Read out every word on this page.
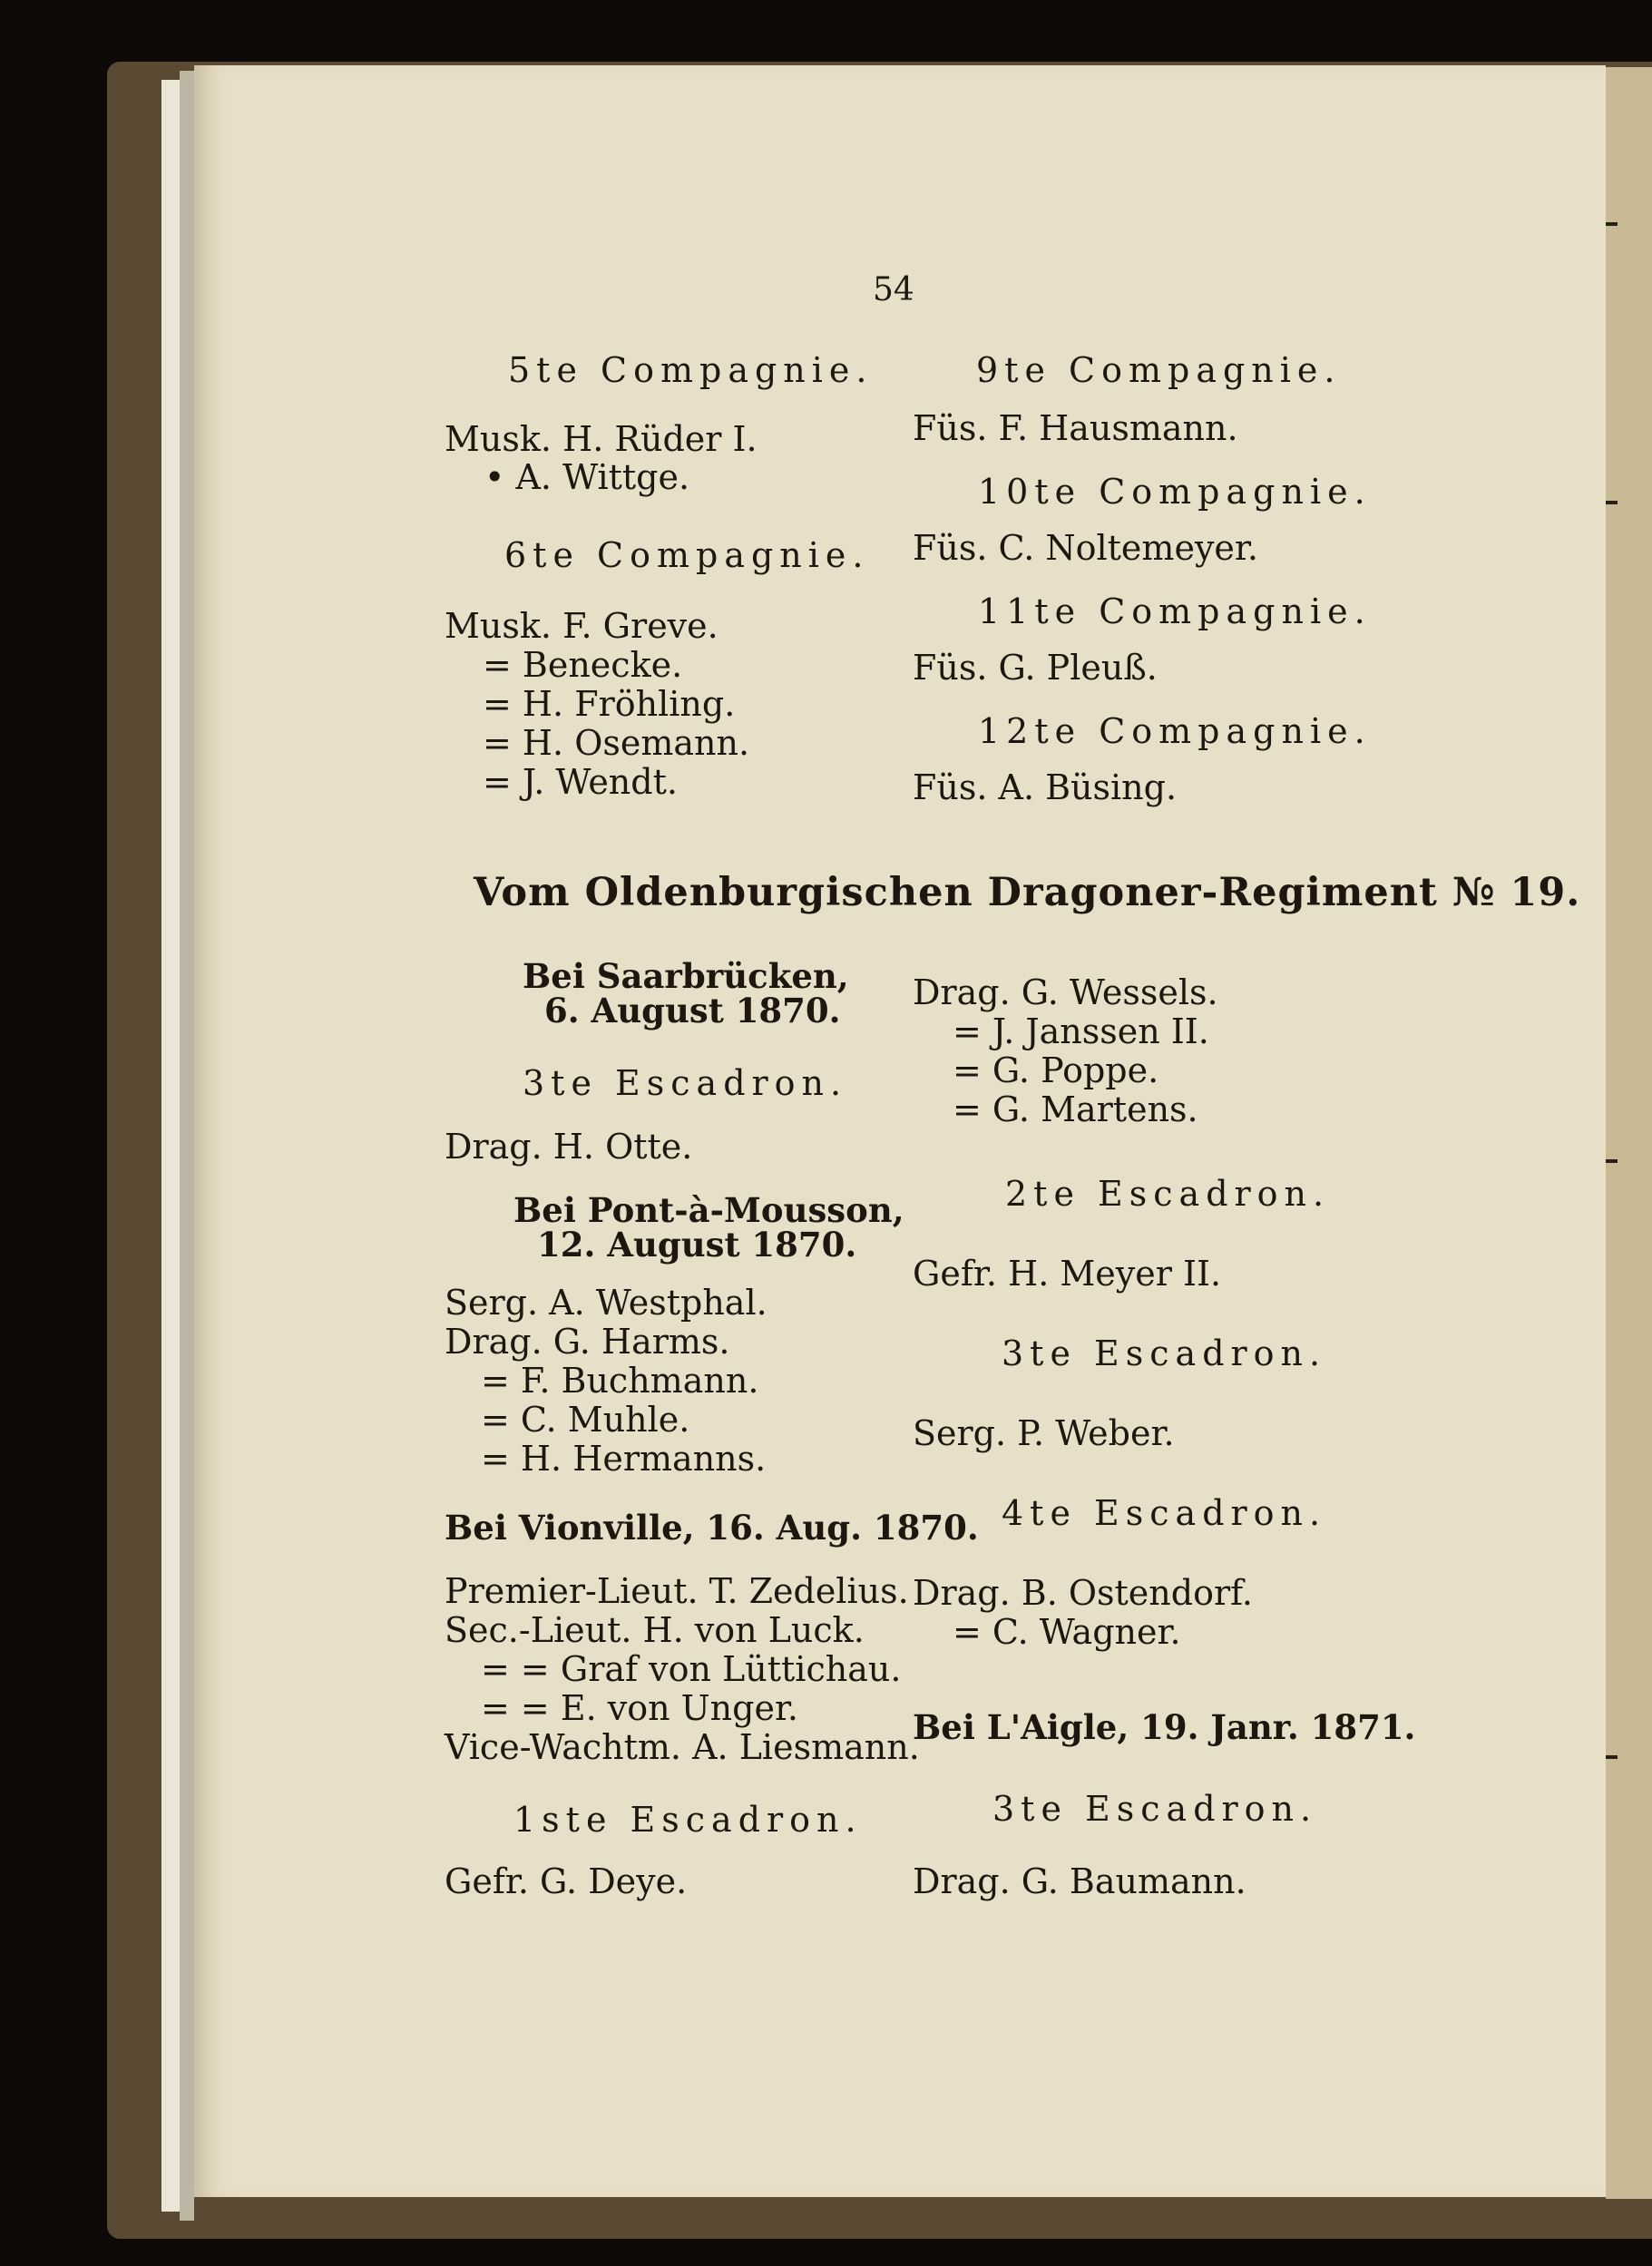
54
5te Compagnie.
Musk. H. Rüder I.
• A. Wittge.
6te Compagnie.
Musk. F. Greve.
= Benecke.
= H. Fröhling.
= H. Osemann.
= J. Wendt.
9te Compagnie.
Füs. F. Hausmann.
10te Compagnie.
Füs. C. Noltemeyer.
11te Compagnie.
Füs. G. Pleuß.
12te Compagnie.
Füs. A. Büsing.
Vom Oldenburgischen Dragoner-Regiment № 19.
Bei Saarbrücken,
6. August 1870.
3te Escadron.
Drag. H. Otte.
Bei Pont-à-Mousson,
12. August 1870.
Serg. A. Westphal.
Drag. G. Harms.
= F. Buchmann.
= C. Muhle.
= H. Hermanns.
Bei Vionville, 16. Aug. 1870.
Premier-Lieut. T. Zedelius.
Sec.-Lieut. H. von Luck.
= = Graf von Lüttichau.
= = E. von Unger.
Vice-Wachtm. A. Liesmann.
1ste Escadron.
Gefr. G. Deye.
Drag. G. Wessels.
= J. Janssen II.
= G. Poppe.
= G. Martens.
2te Escadron.
Gefr. H. Meyer II.
3te Escadron.
Serg. P. Weber.
4te Escadron.
Drag. B. Ostendorf.
= C. Wagner.
Bei L'Aigle, 19. Janr. 1871.
3te Escadron.
Drag. G. Baumann.
